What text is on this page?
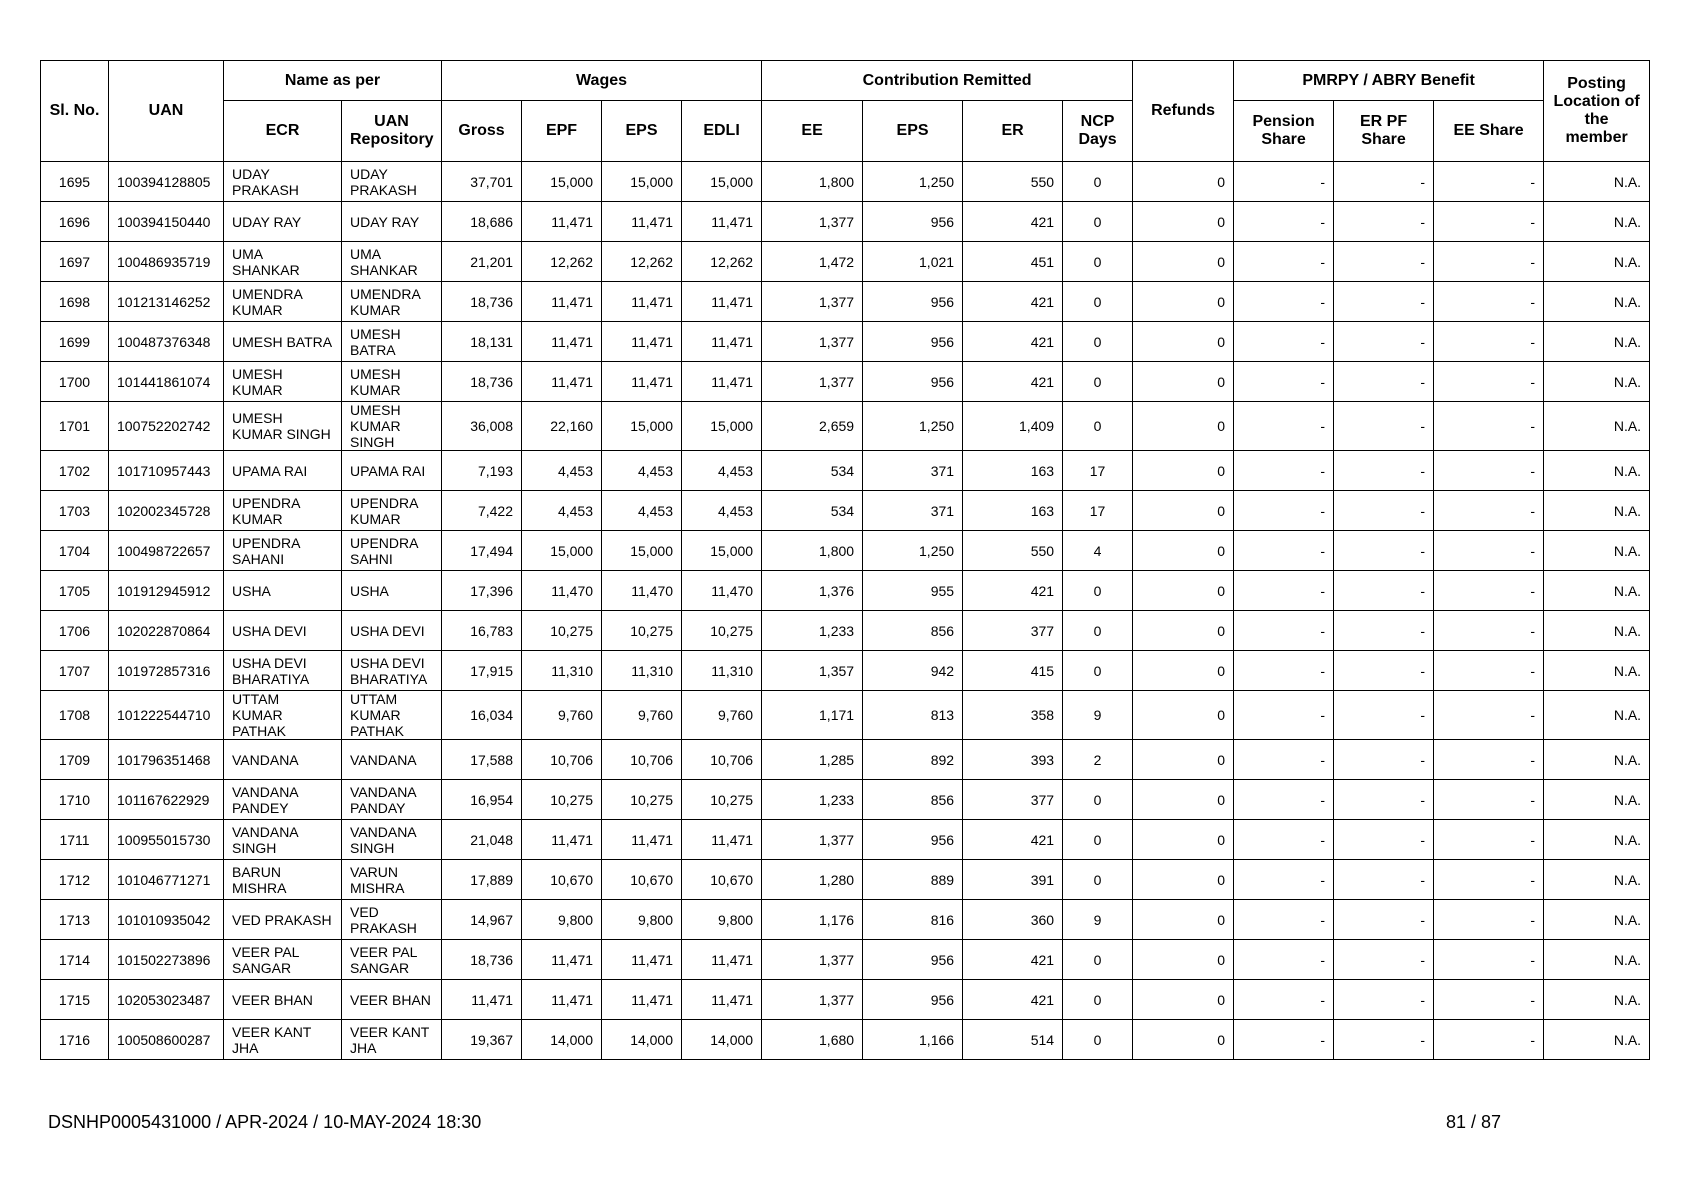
Sl. No.	UAN	Name as per		Wages				Contribution Remitted				Refunds	PMRPY / ABRY Benefit			Posting Location of the member
		ECR	UAN Repository	Gross	EPF	EPS	EDLI	EE	EPS	ER	NCP Days		Pension Share	ER PF Share	EE Share	
1695	100394128805	UDAY PRAKASH	UDAY PRAKASH	37,701	15,000	15,000	15,000	1,800	1,250	550	0	0	-	-	-	N.A.
1696	100394150440	UDAY RAY	UDAY RAY	18,686	11,471	11,471	11,471	1,377	956	421	0	0	-	-	-	N.A.
1697	100486935719	UMA SHANKAR	UMA SHANKAR	21,201	12,262	12,262	12,262	1,472	1,021	451	0	0	-	-	-	N.A.
1698	101213146252	UMENDRA KUMAR	UMENDRA KUMAR	18,736	11,471	11,471	11,471	1,377	956	421	0	0	-	-	-	N.A.
1699	100487376348	UMESH BATRA	UMESH BATRA	18,131	11,471	11,471	11,471	1,377	956	421	0	0	-	-	-	N.A.
1700	101441861074	UMESH KUMAR	UMESH KUMAR	18,736	11,471	11,471	11,471	1,377	956	421	0	0	-	-	-	N.A.
1701	100752202742	UMESH KUMAR SINGH	UMESH KUMAR SINGH	36,008	22,160	15,000	15,000	2,659	1,250	1,409	0	0	-	-	-	N.A.
1702	101710957443	UPAMA RAI	UPAMA RAI	7,193	4,453	4,453	4,453	534	371	163	17	0	-	-	-	N.A.
1703	102002345728	UPENDRA KUMAR	UPENDRA KUMAR	7,422	4,453	4,453	4,453	534	371	163	17	0	-	-	-	N.A.
1704	100498722657	UPENDRA SAHANI	UPENDRA SAHNI	17,494	15,000	15,000	15,000	1,800	1,250	550	4	0	-	-	-	N.A.
1705	101912945912	USHA	USHA	17,396	11,470	11,470	11,470	1,376	955	421	0	0	-	-	-	N.A.
1706	102022870864	USHA DEVI	USHA DEVI	16,783	10,275	10,275	10,275	1,233	856	377	0	0	-	-	-	N.A.
1707	101972857316	USHA DEVI BHARATIYA	USHA DEVI BHARATIYA	17,915	11,310	11,310	11,310	1,357	942	415	0	0	-	-	-	N.A.
1708	101222544710	UTTAM KUMAR PATHAK	UTTAM KUMAR PATHAK	16,034	9,760	9,760	9,760	1,171	813	358	9	0	-	-	-	N.A.
1709	101796351468	VANDANA	VANDANA	17,588	10,706	10,706	10,706	1,285	892	393	2	0	-	-	-	N.A.
1710	101167622929	VANDANA PANDEY	VANDANA PANDAY	16,954	10,275	10,275	10,275	1,233	856	377	0	0	-	-	-	N.A.
1711	100955015730	VANDANA SINGH	VANDANA SINGH	21,048	11,471	11,471	11,471	1,377	956	421	0	0	-	-	-	N.A.
1712	101046771271	BARUN MISHRA	VARUN MISHRA	17,889	10,670	10,670	10,670	1,280	889	391	0	0	-	-	-	N.A.
1713	101010935042	VED PRAKASH	VED PRAKASH	14,967	9,800	9,800	9,800	1,176	816	360	9	0	-	-	-	N.A.
1714	101502273896	VEER PAL SANGAR	VEER PAL SANGAR	18,736	11,471	11,471	11,471	1,377	956	421	0	0	-	-	-	N.A.
1715	102053023487	VEER BHAN	VEER BHAN	11,471	11,471	11,471	11,471	1,377	956	421	0	0	-	-	-	N.A.
1716	100508600287	VEER KANT JHA	VEER KANT JHA	19,367	14,000	14,000	14,000	1,680	1,166	514	0	0	-	-	-	N.A.
DSNHP0005431000 / APR-2024 / 10-MAY-2024 18:30	81 / 87
